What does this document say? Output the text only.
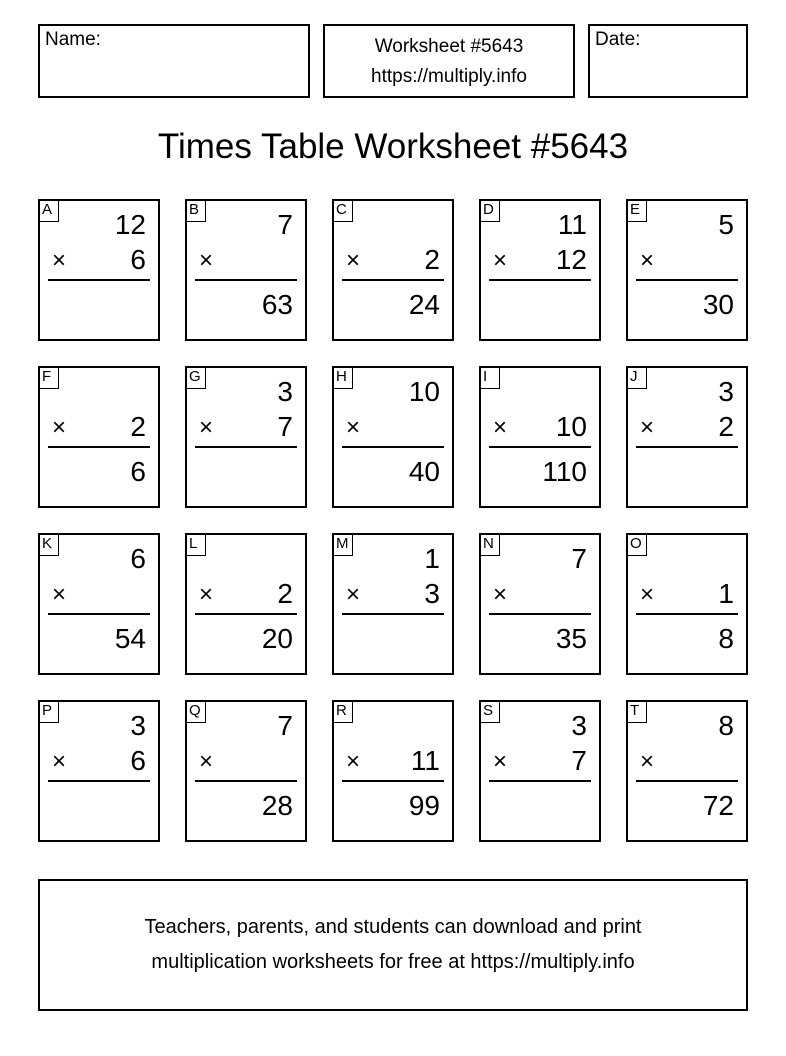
Name:	Worksheet #5643
https://multiply.info
Date:
Times Table Worksheet #5643
A 12
× 6
B	7
×
63
C
× 2
24
D 11
× 12
E	5
×
30
F
× 2
6
G	3
× 7
H 10
×
40
I
× 10
110
J	3
× 2
K	6
×
54
L
× 2
20
M	1
× 3
N	7
×
35
O
× 1
8
P	3
× 6
Q	7
×
28
R
× 11
99
S	3
× 7
T	8
×
72
Teachers, parents, and students can download and print
multiplication worksheets for free at https://multiply.info
